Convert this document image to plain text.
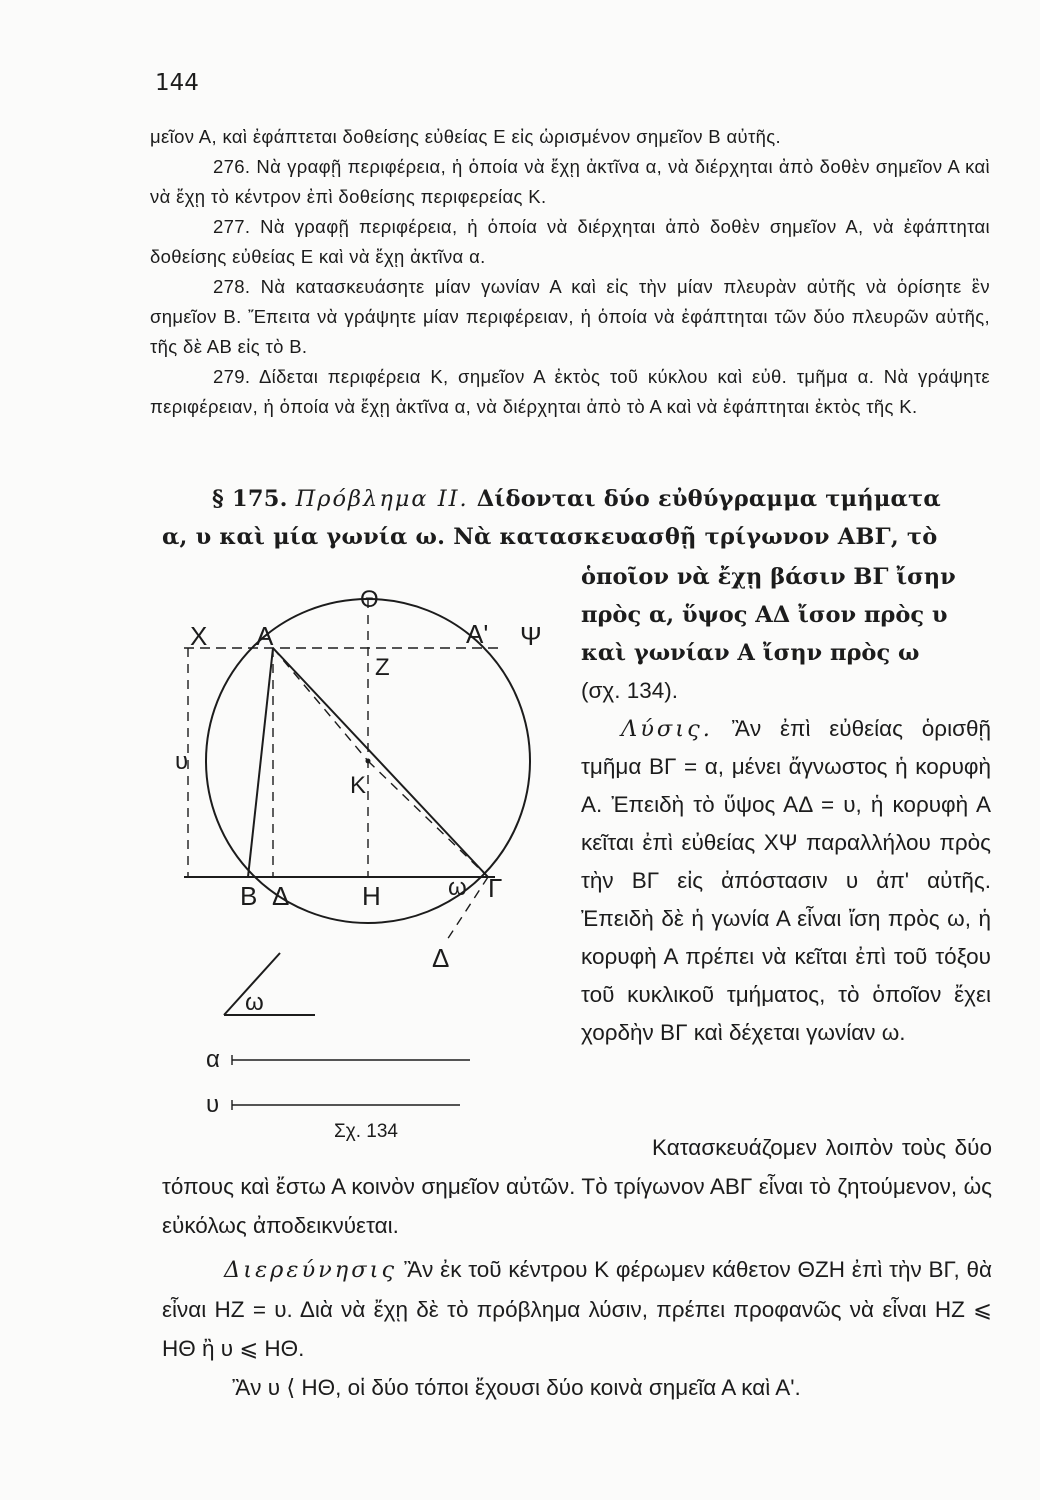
144

μεῖον Α, καὶ ἐφάπτεται δοθείσης εὐθείας Ε εἰς ὡρισμένον σημεῖον Β αὐτῆς.

276. Νὰ γραφῇ περιφέρεια, ἡ ὁποία νὰ ἔχῃ ἀκτῖνα α, νὰ διέρχηται ἀπὸ δοθὲν σημεῖον Α καὶ νὰ ἔχῃ τὸ κέντρον ἐπὶ δοθείσης περιφερείας Κ.

277. Νὰ γραφῇ περιφέρεια, ἡ ὁποία νὰ διέρχηται ἀπὸ δοθὲν σημεῖον Α, νὰ ἐφάπτηται δοθείσης εὐθείας Ε καὶ νὰ ἔχῃ ἀκτῖνα α.

278. Νὰ κατασκευάσητε μίαν γωνίαν Α καὶ εἰς τὴν μίαν πλευρὰν αὐτῆς νὰ ὁρίσητε ἓν σημεῖον Β. Ἔπειτα νὰ γράψητε μίαν περιφέρειαν, ἡ ὁποία νὰ ἐφάπτηται τῶν δύο πλευρῶν αὐτῆς, τῆς δὲ ΑΒ εἰς τὸ Β.

279. Δίδεται περιφέρεια Κ, σημεῖον Α ἐκτὸς τοῦ κύκλου καὶ εὐθ. τμῆμα α. Νὰ γράψητε περιφέρειαν, ἡ ὁποία νὰ ἔχῃ ἀκτῖνα α, νὰ διέρχηται ἀπὸ τὸ Α καὶ νὰ ἐφάπτηται ἐκτὸς τῆς Κ.

§ 175. Πρόβλημα ΙΙ. Δίδονται δύο εὐθύγραμμα τμήματα

α, υ καὶ μία γωνία ω. Νὰ κατασκευασθῇ τρίγωνον ΑΒΓ, τὸ

ὁποῖον νὰ ἔχῃ βάσιν ΒΓ ἴσην

πρὸς α, ὕψος ΑΔ ἴσον πρὸς υ

καὶ γωνίαν Α ἴσην πρὸς ω

(σχ. 134).

Λύσις. Ἂν ἐπὶ εὐθείας ὁρισθῇ τμῆμα ΒΓ = α, μένει ἄγνωστος ἡ κορυφὴ Α. Ἐπειδὴ τὸ ὕψος ΑΔ = υ, ἡ κορυφὴ Α κεῖται ἐπὶ εὐθείας ΧΨ παραλλήλου πρὸς τὴν ΒΓ εἰς ἀπόστασιν υ ἀπ' αὐτῆς. Ἐπειδὴ δὲ ἡ γωνία Α εἶναι ἴση πρὸς ω, ἡ κορυφὴ Α πρέπει νὰ κεῖται ἐπὶ τοῦ τόξου τοῦ κυκλικοῦ τμήματος, τὸ ὁποῖον ἔχει χορδὴν ΒΓ καὶ δέχεται γωνίαν ω.

Κατασκευάζομεν λοιπὸν τοὺς δύο τόπους καὶ ἔστω Α κοινὸν σημεῖον αὐτῶν. Τὸ τρίγωνον ΑΒΓ εἶναι τὸ ζητούμενον, ὡς εὐκόλως ἀποδεικνύεται.

Διερεύνησις Ἂν ἐκ τοῦ κέντρου Κ φέρωμεν κάθετον ΘΖΗ ἐπὶ τὴν ΒΓ, θὰ εἶναι ΗΖ = υ. Διὰ νὰ ἔχῃ δὲ τὸ πρόβλημα λύσιν, πρέπει προφανῶς νὰ εἶναι ΗΖ ⩽ ΗΘ ἢ υ ⩽ ΗΘ.

Ἂν υ ⟨ ΗΘ, οἱ δύο τόποι ἔχουσι δύο κοινὰ σημεῖα Α καὶ Α'.

Θ
Χ Α	Α' Ψ
Ζ
υ
Κ
Β Δ	Η	ω Γ
Δ
ω
α
υ
Σχ. 134
